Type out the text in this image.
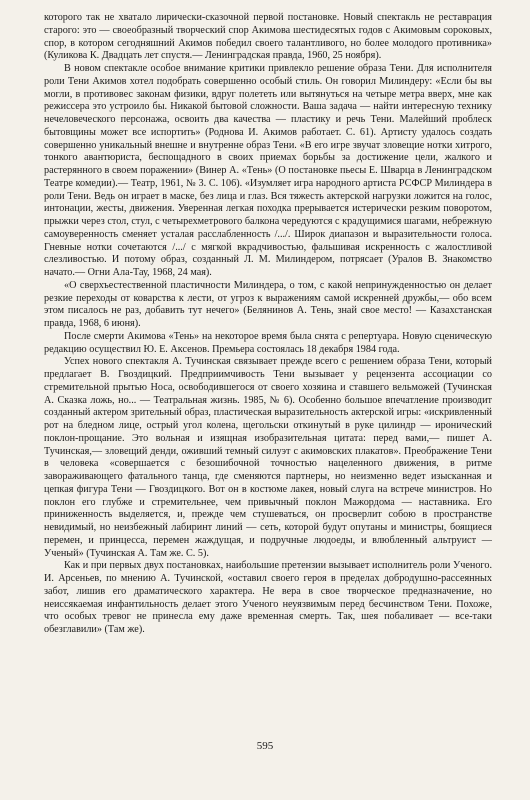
которого так не хватало лирически-сказочной первой постановке. Новый спектакль не реставрация старого: это — своеобразный творческий спор Акимова шестидесятых годов с Акимовым сороковых, спор, в котором сегодняшний Акимов победил своего талантливого, но более молодого противника» (Куликова К. Двадцать лет спустя.— Ленинградская правда, 1960, 25 ноября).

В новом спектакле особое внимание критики привлекло решение образа Тени. Для исполнителя роли Тени Акимов хотел подобрать совершенно особый стиль. Он говорил Милиндеру: «Если бы вы могли, в противовес законам физики, вдруг полететь или вытянуться на четыре метра вверх, мне как режиссера это устроило бы. Никакой бытовой сложности. Ваша задача — найти интересную технику нечеловеческого персонажа, освоить два качества — пластику и речь Тени. Малейший проблеск бытовщины может все испортить» (Роднова И. Акимов работает. С. 61). Артисту удалось создать совершенно уникальный внешне и внутренне образ Тени. «В его игре звучат зловещие нотки хитрого, тонкого авантюриста, беспощадного в своих приемах борьбы за достижение цели, жалкого и растерянного в своем поражении» (Винер А. «Тень» (О постановке пьесы Е. Шварца в Ленинградском Театре комедии).— Театр, 1961, № 3. С. 106). «Изумляет игра народного артиста РСФСР Милиндера в роли Тени. Ведь он играет в маске, без лица и глаз. Вся тяжесть актерской нагрузки ложится на голос, интонации, жесты, движения. Уверенная легкая походка прерывается истерически резким поворотом, прыжки через стол, стул, с четырехметрового балкона чередуются с крадущимися шагами, небрежную самоуверенность сменяет усталая расслабленность /.../. Широк диапазон и выразительности голоса. Гневные нотки сочетаются /.../ с мягкой вкрадчивостью, фальшивая искренность с жалостливой слезливостью. И потому образ, созданный Л. М. Милиндером, потрясает (Уралов В. Знакомство начато.— Огни Ала-Тау, 1968, 24 мая).

«О сверхъестественной пластичности Милиндера, о том, с какой непринужденностью он делает резкие переходы от коварства к лести, от угроз к выражениям самой искренней дружбы,— обо всем этом писалось не раз, добавить тут нечего» (Белянинов А. Тень, знай свое место! — Казахстанская правда, 1968, 6 июня).

После смерти Акимова «Тень» на некоторое время была снята с репертуара. Новую сценическую редакцию осуществил Ю. Е. Аксенов. Премьера состоялась 18 декабря 1984 года.

Успех нового спектакля А. Тучинская связывает прежде всего с решением образа Тени, который предлагает В. Гвоздицкий. Предприимчивость Тени вызывает у рецензента ассоциации со стремительной прытью Носа, освободившегося от своего хозяина и ставшего вельможей (Тучинская А. Сказка ложь, но... — Театральная жизнь. 1985, № 6). Особенно большое впечатление производит созданный актером зрительный образ, пластическая выразительность актерской игры: «искривленный рот на бледном лице, острый угол колена, щегольски откинутый в руке цилиндр — иронический поклон-прощание. Это вольная и изящная изобразительная цитата: перед вами,— пишет А. Тучинская,— зловещий денди, оживший темный силуэт с акимовских плакатов». Преображение Тени в человека «совершается с безошибочной точностью нацеленного движения, в ритме завораживающего фатального танца, где сменяются партнеры, но неизменно ведет изысканная и цепкая фигура Тени — Гвоздицкого. Вот он в костюме лакея, новый слуга на встрече министров. Но поклон его глубже и стремительнее, чем привычный поклон Мажордома — наставника. Его приниженность выделяется, и, прежде чем стушеваться, он просверлит собою в пространстве невидимый, но неизбежный лабиринт линий — сеть, которой будут опутаны и министры, боящиеся перемен, и принцесса, перемен жаждущая, и подручные людоеды, и влюбленный альтруист — Ученый» (Тучинская А. Там же. С. 5).

Как и при первых двух постановках, наибольшие претензии вызывает исполнитель роли Ученого. И. Арсеньев, по мнению А. Тучинской, «оставил своего героя в пределах добродушно-рассеянных забот, лишив его драматического характера. Не вера в свое творческое предназначение, но неиссякаемая инфантильность делает этого Ученого неуязвимым перед бесчинством Тени. Похоже, что особых тревог не принесла ему даже временная смерть. Так, шея побаливает — все-таки обезглавили» (Там же).

595
